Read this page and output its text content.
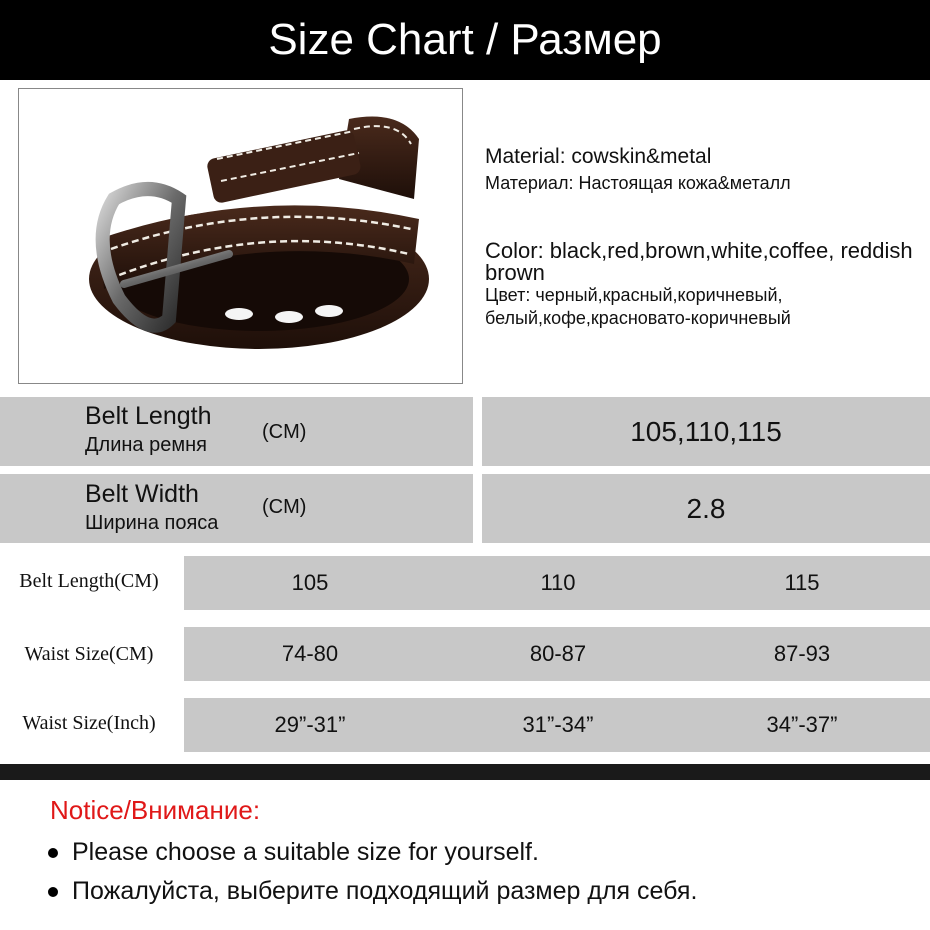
Size Chart / Размер
Material: cowskin&metal
Материал: Настоящая кожа&металл
Color: black,red,brown,white,coffee, reddish brown
Цвет: черный,красный,коричневый, белый,кофе,красновато-коричневый
Belt Length
Длина ремня
(CM)	105,110,115
Belt Width
Ширина пояса
(CM)	2.8
Belt Length(CM)	105	110	115
Waist Size(CM)	74-80	80-87	87-93
Waist Size(Inch)	29”-31”	31”-34”	34”-37”
Notice/Внимание:
Please choose a suitable size for yourself.
Пожалуйста, выберите подходящий размер для себя.
